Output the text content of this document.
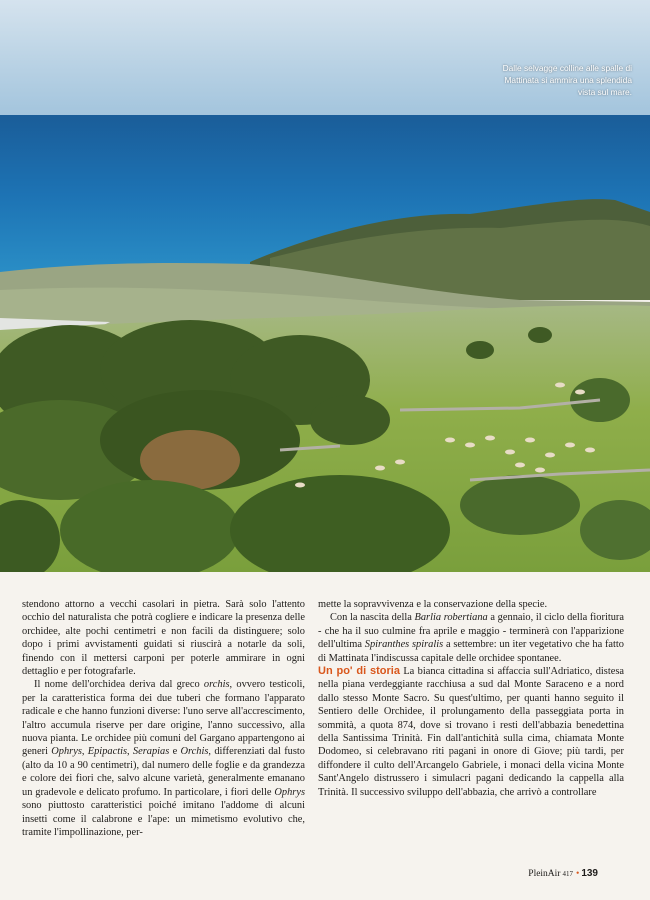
Dalle selvagge colline alle spalle di Mattinata si ammira una splendida vista sul mare.

stendono attorno a vecchi casolari in pietra. Sarà solo l'attento occhio del naturalista che potrà cogliere e indicare la presenza delle orchidee, alte pochi centimetri e non facili da distinguere; solo dopo i primi avvistamenti guidati si riuscirà a notarle da soli, finendo con il mettersi carponi per poterle ammirare in ogni dettaglio e per fotografarle.

Il nome dell'orchidea deriva dal greco orchis, ovvero testicoli, per la caratteristica forma dei due tuberi che formano l'apparato radicale e che hanno funzioni diverse: l'uno serve all'accrescimento, l'altro accumula riserve per dare origine, l'anno successivo, alla nuova pianta. Le orchidee più comuni del Gargano appartengono ai generi Ophrys, Epipactis, Serapias e Orchis, differenziati dal fusto (alto da 10 a 90 centimetri), dal numero delle foglie e da grandezza e colore dei fiori che, salvo alcune varietà, generalmente emanano un gradevole e delicato profumo. In particolare, i fiori delle Ophrys sono piuttosto caratteristici poiché imitano l'addome di alcuni insetti come il calabrone e l'ape: un mimetismo evolutivo che, tramite l'impollinazione, per-

mette la sopravvivenza e la conservazione della specie.

Con la nascita della Barlia robertiana a gennaio, il ciclo della fioritura - che ha il suo culmine fra aprile e maggio - terminerà con l'apparizione dell'ultima Spiranthes spiralis a settembre: un iter vegetativo che ha fatto di Mattinata l'indiscussa capitale delle orchidee spontanee.

Un po' di storia La bianca cittadina si affaccia sull'Adriatico, distesa nella piana verdeggiante racchiusa a sud dal Monte Saraceno e a nord dallo stesso Monte Sacro. Su quest'ultimo, per quanti hanno seguito il Sentiero delle Orchidee, il prolungamento della passeggiata porta in sommità, a quota 874, dove si trovano i resti dell'abbazia benedettina della Santissima Trinità. Fin dall'antichità sulla cima, chiamata Monte Dodomeo, si celebravano riti pagani in onore di Giove; più tardi, per diffondere il culto dell'Arcangelo Gabriele, i monaci della vicina Monte Sant'Angelo distrussero i simulacri pagani dedicando la cappella alla Trinità. Il successivo sviluppo dell'abbazia, che arrivò a controllare

PleinAir 417 • 139
